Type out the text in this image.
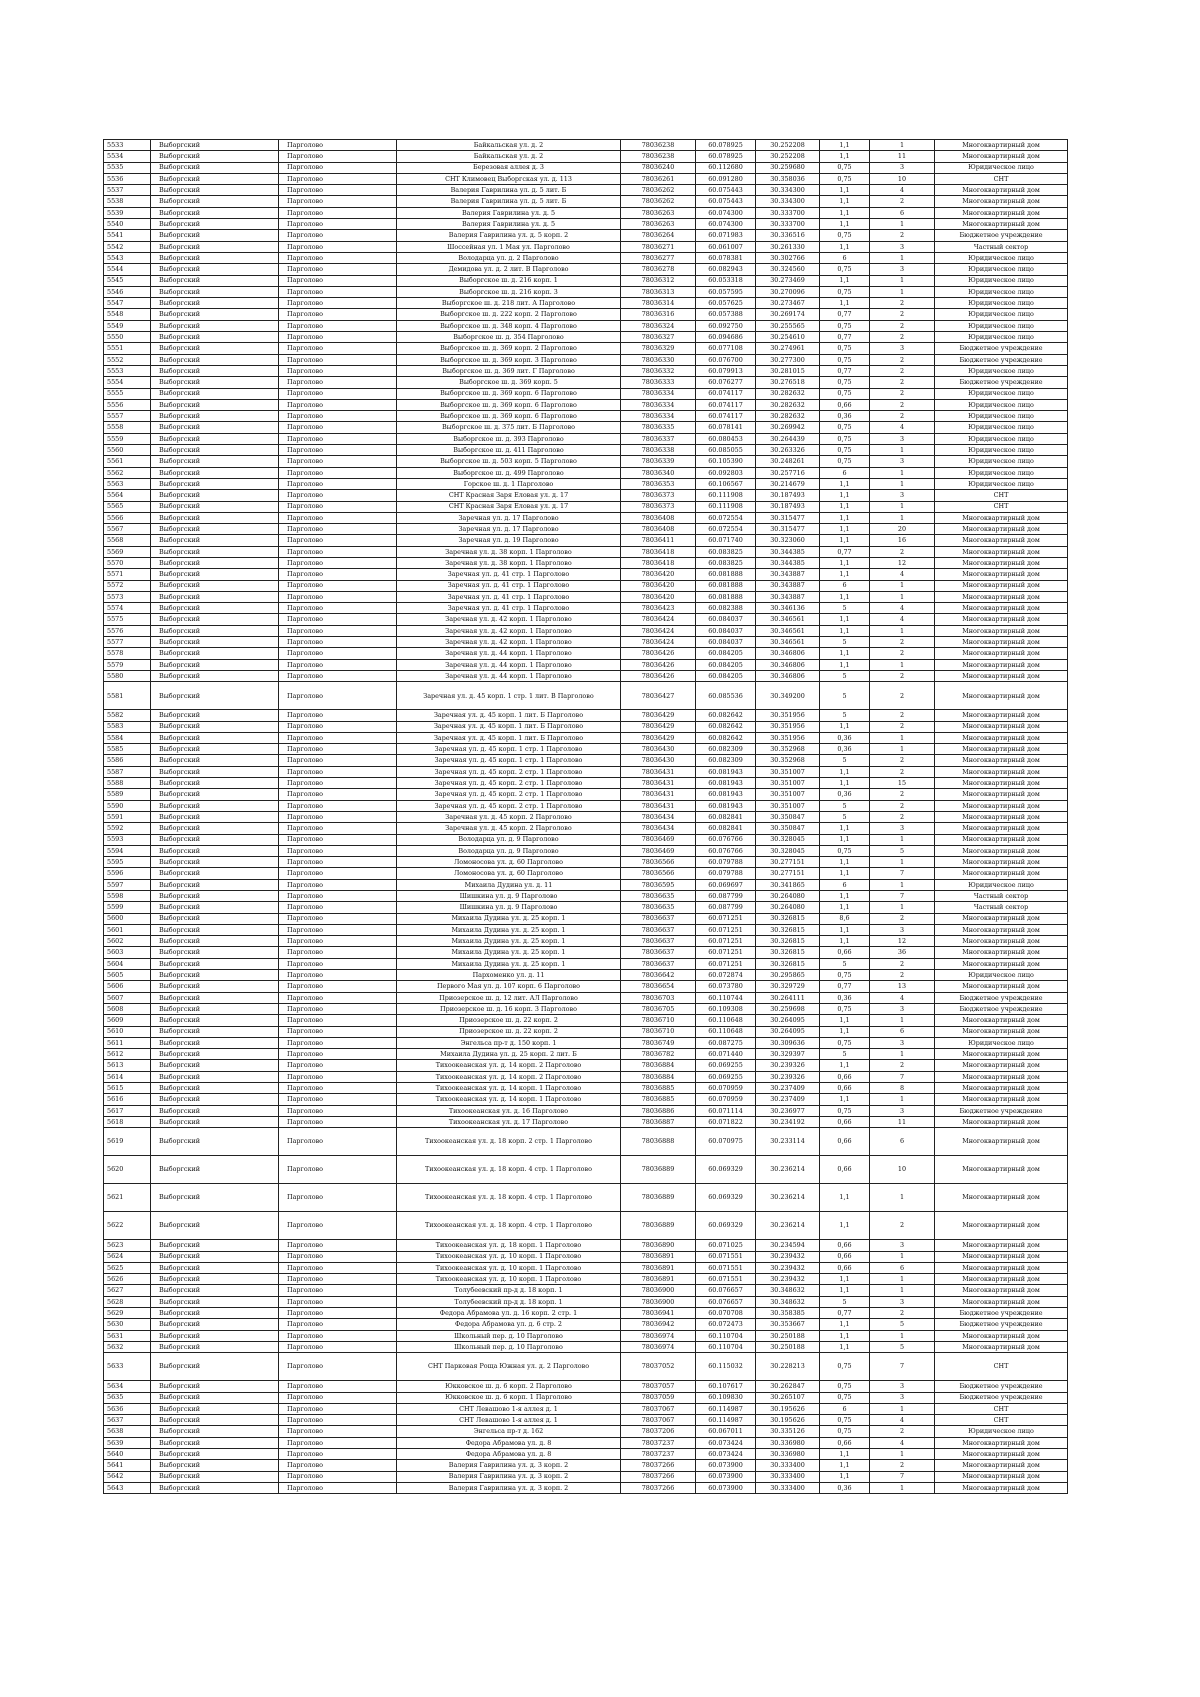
5533	Выборгский	Парголово	Байкальская ул. д. 2	78036238	60.078925	30.252208	1,1	1	Многоквартирный дом
5534	Выборгский	Парголово	Байкальская ул. д. 2	78036238	60.078925	30.252208	1,1	11	Многоквартирный дом
5535	Выборгский	Парголово	Березовая аллея д. 3	78036240	60.112680	30.259680	0,75	3	Юридическое лицо
5536	Выборгский	Парголово	СНТ Климовец Выборгская ул. д. 113	78036261	60.091280	30.358036	0,75	10	СНТ
5537	Выборгский	Парголово	Валерия Гаврилина ул. д. 5 лит. Б	78036262	60.075443	30.334300	1,1	4	Многоквартирный дом
5538	Выборгский	Парголово	Валерия Гаврилина ул. д. 5 лит. Б	78036262	60.075443	30.334300	1,1	2	Многоквартирный дом
5539	Выборгский	Парголово	Валерия Гаврилина ул. д. 5	78036263	60.074300	30.333700	1,1	6	Многоквартирный дом
5540	Выборгский	Парголово	Валерия Гаврилина ул. д. 5	78036263	60.074300	30.333700	1,1	1	Многоквартирный дом
5541	Выборгский	Парголово	Валерия Гаврилина ул. д. 5 корп. 2	78036264	60.071983	30.336516	0,75	2	Бюджетное учреждение
5542	Выборгский	Парголово	Шоссейная ул. 1 Мая ул. Парголово	78036271	60.061007	30.261330	1,1	3	Частный сектор
5543	Выборгский	Парголово	Володарца ул. д. 2 Парголово	78036277	60.078381	30.302766	6	1	Юридическое лицо
5544	Выборгский	Парголово	Демидова ул. д. 2 лит. В Парголово	78036278	60.082943	30.324560	0,75	3	Юридическое лицо
5545	Выборгский	Парголово	Выборгское ш. д. 216 корп. 1	78036312	60.053318	30.273469	1,1	1	Юридическое лицо
5546	Выборгский	Парголово	Выборгское ш. д. 216 корп. 3	78036313	60.057595	30.270096	0,75	1	Юридическое лицо
5547	Выборгский	Парголово	Выборгское ш. д. 218 лит. А Парголово	78036314	60.057625	30.273467	1,1	2	Юридическое лицо
5548	Выборгский	Парголово	Выборгское ш. д. 222 корп. 2 Парголово	78036316	60.057388	30.269174	0,77	2	Юридическое лицо
5549	Выборгский	Парголово	Выборгское ш. д. 348 корп. 4 Парголово	78036324	60.092750	30.255565	0,75	2	Юридическое лицо
5550	Выборгский	Парголово	Выборгское ш. д. 354 Парголово	78036327	60.094686	30.254610	0,77	2	Юридическое лицо
5551	Выборгский	Парголово	Выборгское ш. д. 369 корп. 2 Парголово	78036329	60.077108	30.274961	0,75	3	Бюджетное учреждение
5552	Выборгский	Парголово	Выборгское ш. д. 369 корп. 3 Парголово	78036330	60.076700	30.277300	0,75	2	Бюджетное учреждение
5553	Выборгский	Парголово	Выборгское ш. д. 369 лит. Г Парголово	78036332	60.079913	30.281015	0,77	2	Юридическое лицо
5554	Выборгский	Парголово	Выборгское ш. д. 369 корп. 5	78036333	60.076277	30.276518	0,75	2	Бюджетное учреждение
5555	Выборгский	Парголово	Выборгское ш. д. 369 корп. 6 Парголово	78036334	60.074117	30.282632	0,75	2	Юридическое лицо
5556	Выборгский	Парголово	Выборгское ш. д. 369 корп. 6 Парголово	78036334	60.074117	30.282632	0,66	2	Юридическое лицо
5557	Выборгский	Парголово	Выборгское ш. д. 369 корп. 6 Парголово	78036334	60.074117	30.282632	0,36	2	Юридическое лицо
5558	Выборгский	Парголово	Выборгское ш. д. 375 лит. Б Парголово	78036335	60.078141	30.269942	0,75	4	Юридическое лицо
5559	Выборгский	Парголово	Выборгское ш. д. 393 Парголово	78036337	60.080453	30.264439	0,75	3	Юридическое лицо
5560	Выборгский	Парголово	Выборгское ш. д. 411 Парголово	78036338	60.085055	30.263326	0,75	1	Юридическое лицо
5561	Выборгский	Парголово	Выборгское ш. д. 503 корп. 5 Парголово	78036339	60.105390	30.248261	0,75	3	Юридическое лицо
5562	Выборгский	Парголово	Выборгское ш. д. 499 Парголово	78036340	60.092803	30.257716	6	1	Юридическое лицо
5563	Выборгский	Парголово	Горское ш. д. 1 Парголово	78036353	60.106567	30.214679	1,1	1	Юридическое лицо
5564	Выборгский	Парголово	СНТ Красная Заря Еловая ул. д. 17	78036373	60.111908	30.187493	1,1	3	СНТ
5565	Выборгский	Парголово	СНТ Красная Заря Еловая ул. д. 17	78036373	60.111908	30.187493	1,1	1	СНТ
5566	Выборгский	Парголово	Заречная ул. д. 17 Парголово	78036408	60.072554	30.315477	1,1	1	Многоквартирный дом
5567	Выборгский	Парголово	Заречная ул. д. 17 Парголово	78036408	60.072554	30.315477	1,1	20	Многоквартирный дом
5568	Выборгский	Парголово	Заречная ул. д. 19 Парголово	78036411	60.071740	30.323060	1,1	16	Многоквартирный дом
5569	Выборгский	Парголово	Заречная ул. д. 38 корп. 1 Парголово	78036418	60.083825	30.344385	0,77	2	Многоквартирный дом
5570	Выборгский	Парголово	Заречная ул. д. 38 корп. 1 Парголово	78036418	60.083825	30.344385	1,1	12	Многоквартирный дом
5571	Выборгский	Парголово	Заречная ул. д. 41 стр. 1 Парголово	78036420	60.081888	30.343887	1,1	4	Многоквартирный дом
5572	Выборгский	Парголово	Заречная ул. д. 41 стр. 1 Парголово	78036420	60.081888	30.343887	6	1	Многоквартирный дом
5573	Выборгский	Парголово	Заречная ул. д. 41 стр. 1 Парголово	78036420	60.081888	30.343887	1,1	1	Многоквартирный дом
5574	Выборгский	Парголово	Заречная ул. д. 41 стр. 1 Парголово	78036423	60.082388	30.346136	5	4	Многоквартирный дом
5575	Выборгский	Парголово	Заречная ул. д. 42 корп. 1 Парголово	78036424	60.084037	30.346561	1,1	4	Многоквартирный дом
5576	Выборгский	Парголово	Заречная ул. д. 42 корп. 1 Парголово	78036424	60.084037	30.346561	1,1	1	Многоквартирный дом
5577	Выборгский	Парголово	Заречная ул. д. 42 корп. 1 Парголово	78036424	60.084037	30.346561	5	2	Многоквартирный дом
5578	Выборгский	Парголово	Заречная ул. д. 44 корп. 1 Парголово	78036426	60.084205	30.346806	1,1	2	Многоквартирный дом
5579	Выборгский	Парголово	Заречная ул. д. 44 корп. 1 Парголово	78036426	60.084205	30.346806	1,1	1	Многоквартирный дом
5580	Выборгский	Парголово	Заречная ул. д. 44 корп. 1 Парголово	78036426	60.084205	30.346806	5	2	Многоквартирный дом
5581	Выборгский	Парголово	Заречная ул. д. 45 корп. 1 стр. 1 лит. В Парголово	78036427	60.085536	30.349200	5	2	Многоквартирный дом
5582	Выборгский	Парголово	Заречная ул. д. 45 корп. 1 лит. Б Парголово	78036429	60.082642	30.351956	5	2	Многоквартирный дом
5583	Выборгский	Парголово	Заречная ул. д. 45 корп. 1 лит. Б Парголово	78036429	60.082642	30.351956	1,1	2	Многоквартирный дом
5584	Выборгский	Парголово	Заречная ул. д. 45 корп. 1 лит. Б Парголово	78036429	60.082642	30.351956	0,36	1	Многоквартирный дом
5585	Выборгский	Парголово	Заречная ул. д. 45 корп. 1 стр. 1 Парголово	78036430	60.082309	30.352968	0,36	1	Многоквартирный дом
5586	Выборгский	Парголово	Заречная ул. д. 45 корп. 1 стр. 1 Парголово	78036430	60.082309	30.352968	5	2	Многоквартирный дом
5587	Выборгский	Парголово	Заречная ул. д. 45 корп. 2 стр. 1 Парголово	78036431	60.081943	30.351007	1,1	2	Многоквартирный дом
5588	Выборгский	Парголово	Заречная ул. д. 45 корп. 2 стр. 1 Парголово	78036431	60.081943	30.351007	1,1	15	Многоквартирный дом
5589	Выборгский	Парголово	Заречная ул. д. 45 корп. 2 стр. 1 Парголово	78036431	60.081943	30.351007	0,36	2	Многоквартирный дом
5590	Выборгский	Парголово	Заречная ул. д. 45 корп. 2 стр. 1 Парголово	78036431	60.081943	30.351007	5	2	Многоквартирный дом
5591	Выборгский	Парголово	Заречная ул. д. 45 корп. 2 Парголово	78036434	60.082841	30.350847	5	2	Многоквартирный дом
5592	Выборгский	Парголово	Заречная ул. д. 45 корп. 2 Парголово	78036434	60.082841	30.350847	1,1	3	Многоквартирный дом
5593	Выборгский	Парголово	Володарца ул. д. 9 Парголово	78036469	60.076766	30.328045	1,1	1	Многоквартирный дом
5594	Выборгский	Парголово	Володарца ул. д. 9 Парголово	78036469	60.076766	30.328045	0,75	5	Многоквартирный дом
5595	Выборгский	Парголово	Ломоносова ул. д. 60 Парголово	78036566	60.079788	30.277151	1,1	1	Многоквартирный дом
5596	Выборгский	Парголово	Ломоносова ул. д. 60 Парголово	78036566	60.079788	30.277151	1,1	7	Многоквартирный дом
5597	Выборгский	Парголово	Михаила Дудина ул. д. 11	78036595	60.069697	30.341865	6	1	Юридическое лицо
5598	Выборгский	Парголово	Шишкина ул. д. 9 Парголово	78036635	60.087799	30.264080	1,1	7	Частный сектор
5599	Выборгский	Парголово	Шишкина ул. д. 9 Парголово	78036635	60.087799	30.264080	1,1	1	Частный сектор
5600	Выборгский	Парголово	Михаила Дудина ул. д. 25 корп. 1	78036637	60.071251	30.326815	8,6	2	Многоквартирный дом
5601	Выборгский	Парголово	Михаила Дудина ул. д. 25 корп. 1	78036637	60.071251	30.326815	1,1	3	Многоквартирный дом
5602	Выборгский	Парголово	Михаила Дудина ул. д. 25 корп. 1	78036637	60.071251	30.326815	1,1	12	Многоквартирный дом
5603	Выборгский	Парголово	Михаила Дудина ул. д. 25 корп. 1	78036637	60.071251	30.326815	0,66	36	Многоквартирный дом
5604	Выборгский	Парголово	Михаила Дудина ул. д. 25 корп. 1	78036637	60.071251	30.326815	5	2	Многоквартирный дом
5605	Выборгский	Парголово	Пархоменко ул. д. 11	78036642	60.072874	30.295865	0,75	2	Юридическое лицо
5606	Выборгский	Парголово	Первого Мая ул. д. 107 корп. 6 Парголово	78036654	60.073780	30.329729	0,77	13	Многоквартирный дом
5607	Выборгский	Парголово	Приозерское ш. д. 12 лит. АЛ Парголово	78036703	60.110744	30.264111	0,36	4	Бюджетное учреждение
5608	Выборгский	Парголово	Приозерское ш. д. 16 корп. 3 Парголово	78036705	60.109308	30.259698	0,75	3	Бюджетное учреждение
5609	Выборгский	Парголово	Приозерское ш. д. 22 корп. 2	78036710	60.110648	30.264095	1,1	1	Многоквартирный дом
5610	Выборгский	Парголово	Приозерское ш. д. 22 корп. 2	78036710	60.110648	30.264095	1,1	6	Многоквартирный дом
5611	Выборгский	Парголово	Энгельса пр-т д. 150 корп. 1	78036749	60.087275	30.309636	0,75	3	Юридическое лицо
5612	Выборгский	Парголово	Михаила Дудина ул. д. 25 корп. 2 лит. Б	78036782	60.071440	30.329397	5	1	Многоквартирный дом
5613	Выборгский	Парголово	Тихоокеанская ул. д. 14 корп. 2 Парголово	78036884	60.069255	30.239326	1,1	2	Многоквартирный дом
5614	Выборгский	Парголово	Тихоокеанская ул. д. 14 корп. 2 Парголово	78036884	60.069255	30.239326	0,66	7	Многоквартирный дом
5615	Выборгский	Парголово	Тихоокеанская ул. д. 14 корп. 1 Парголово	78036885	60.070959	30.237409	0,66	8	Многоквартирный дом
5616	Выборгский	Парголово	Тихоокеанская ул. д. 14 корп. 1 Парголово	78036885	60.070959	30.237409	1,1	1	Многоквартирный дом
5617	Выборгский	Парголово	Тихоокеанская ул. д. 16 Парголово	78036886	60.071114	30.236977	0,75	3	Бюджетное учреждение
5618	Выборгский	Парголово	Тихоокеанская ул. д. 17 Парголово	78036887	60.071822	30.234192	0,66	11	Многоквартирный дом
5619	Выборгский	Парголово	Тихоокеанская ул. д. 18 корп. 2 стр. 1 Парголово	78036888	60.070975	30.233114	0,66	6	Многоквартирный дом
5620	Выборгский	Парголово	Тихоокеанская ул. д. 18 корп. 4 стр. 1 Парголово	78036889	60.069329	30.236214	0,66	10	Многоквартирный дом
5621	Выборгский	Парголово	Тихоокеанская ул. д. 18 корп. 4 стр. 1 Парголово	78036889	60.069329	30.236214	1,1	1	Многоквартирный дом
5622	Выборгский	Парголово	Тихоокеанская ул. д. 18 корп. 4 стр. 1 Парголово	78036889	60.069329	30.236214	1,1	2	Многоквартирный дом
5623	Выборгский	Парголово	Тихоокеанская ул. д. 18 корп. 1 Парголово	78036890	60.071025	30.234594	0,66	3	Многоквартирный дом
5624	Выборгский	Парголово	Тихоокеанская ул. д. 10 корп. 1 Парголово	78036891	60.071551	30.239432	0,66	1	Многоквартирный дом
5625	Выборгский	Парголово	Тихоокеанская ул. д. 10 корп. 1 Парголово	78036891	60.071551	30.239432	0,66	6	Многоквартирный дом
5626	Выборгский	Парголово	Тихоокеанская ул. д. 10 корп. 1 Парголово	78036891	60.071551	30.239432	1,1	1	Многоквартирный дом
5627	Выборгский	Парголово	Толубеевский пр-д д. 18 корп. 1	78036900	60.076657	30.348632	1,1	1	Многоквартирный дом
5628	Выборгский	Парголово	Толубеевский пр-д д. 18 корп. 1	78036900	60.076657	30.348632	5	3	Многоквартирный дом
5629	Выборгский	Парголово	Федора Абрамова ул. д. 16 корп. 2 стр. 1	78036941	60.070708	30.358385	0,77	2	Бюджетное учреждение
5630	Выборгский	Парголово	Федора Абрамова ул. д. 6 стр. 2	78036942	60.072473	30.353667	1,1	5	Бюджетное учреждение
5631	Выборгский	Парголово	Школьный пер. д. 10 Парголово	78036974	60.110704	30.250188	1,1	1	Многоквартирный дом
5632	Выборгский	Парголово	Школьный пер. д. 10 Парголово	78036974	60.110704	30.250188	1,1	5	Многоквартирный дом
5633	Выборгский	Парголово	СНТ Парковая Роща Южная ул. д. 2 Парголово	78037052	60.115032	30.228213	0,75	7	СНТ
5634	Выборгский	Парголово	Юкковское ш. д. 6 корп. 2 Парголово	78037057	60.107617	30.262847	0,75	3	Бюджетное учреждение
5635	Выборгский	Парголово	Юкковское ш. д. 6 корп. 1 Парголово	78037059	60.109830	30.265107	0,75	3	Бюджетное учреждение
5636	Выборгский	Парголово	СНТ Левашово 1-я аллея д. 1	78037067	60.114987	30.195626	6	1	СНТ
5637	Выборгский	Парголово	СНТ Левашово 1-я аллея д. 1	78037067	60.114987	30.195626	0,75	4	СНТ
5638	Выборгский	Парголово	Энгельса пр-т д. 162	78037206	60.067011	30.335126	0,75	2	Юридическое лицо
5639	Выборгский	Парголово	Федора Абрамова ул. д. 8	78037237	60.073424	30.336980	0,66	4	Многоквартирный дом
5640	Выборгский	Парголово	Федора Абрамова ул. д. 8	78037237	60.073424	30.336980	1,1	1	Многоквартирный дом
5641	Выборгский	Парголово	Валерия Гаврилина ул. д. 3 корп. 2	78037266	60.073900	30.333400	1,1	2	Многоквартирный дом
5642	Выборгский	Парголово	Валерия Гаврилина ул. д. 3 корп. 2	78037266	60.073900	30.333400	1,1	7	Многоквартирный дом
5643	Выборгский	Парголово	Валерия Гаврилина ул. д. 3 корп. 2	78037266	60.073900	30.333400	0,36	1	Многоквартирный дом
